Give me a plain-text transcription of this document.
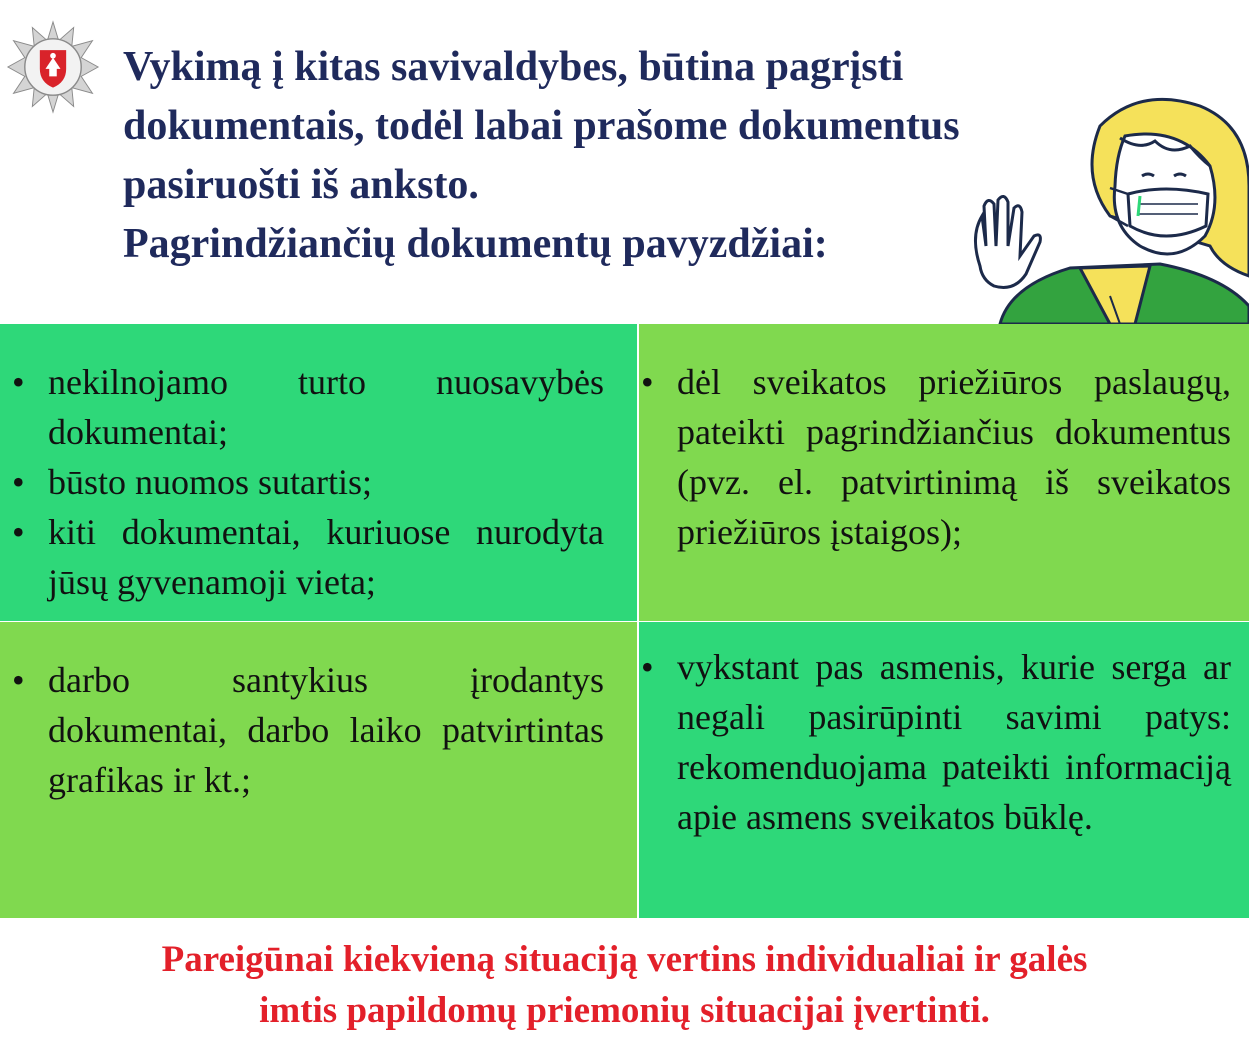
Vykimą į kitas savivaldybes, būtina pagrįsti
dokumentais, todėl labai prašome dokumentus
pasiruošti iš anksto.
Pagrindžiančių dokumentų pavyzdžiai:
• nekilnojamo turto nuosavybės dokumentai;
• būsto nuomos sutartis;
• kiti dokumentai, kuriuose nurodyta jūsų gyvenamoji vieta;
• dėl sveikatos priežiūros paslaugų, pateikti pagrindžiančius dokumentus (pvz. el. patvirtinimą iš sveikatos priežiūros įstaigos);
• darbo santykius įrodantys dokumentai, darbo laiko patvirtintas grafikas ir kt.;
• vykstant pas asmenis, kurie serga ar negali pasirūpinti savimi patys: rekomenduojama pateikti informaciją apie asmens sveikatos būklę.

Pareigūnai kiekvieną situaciją vertins individualiai ir galės
imtis papildomų priemonių situacijai įvertinti.
